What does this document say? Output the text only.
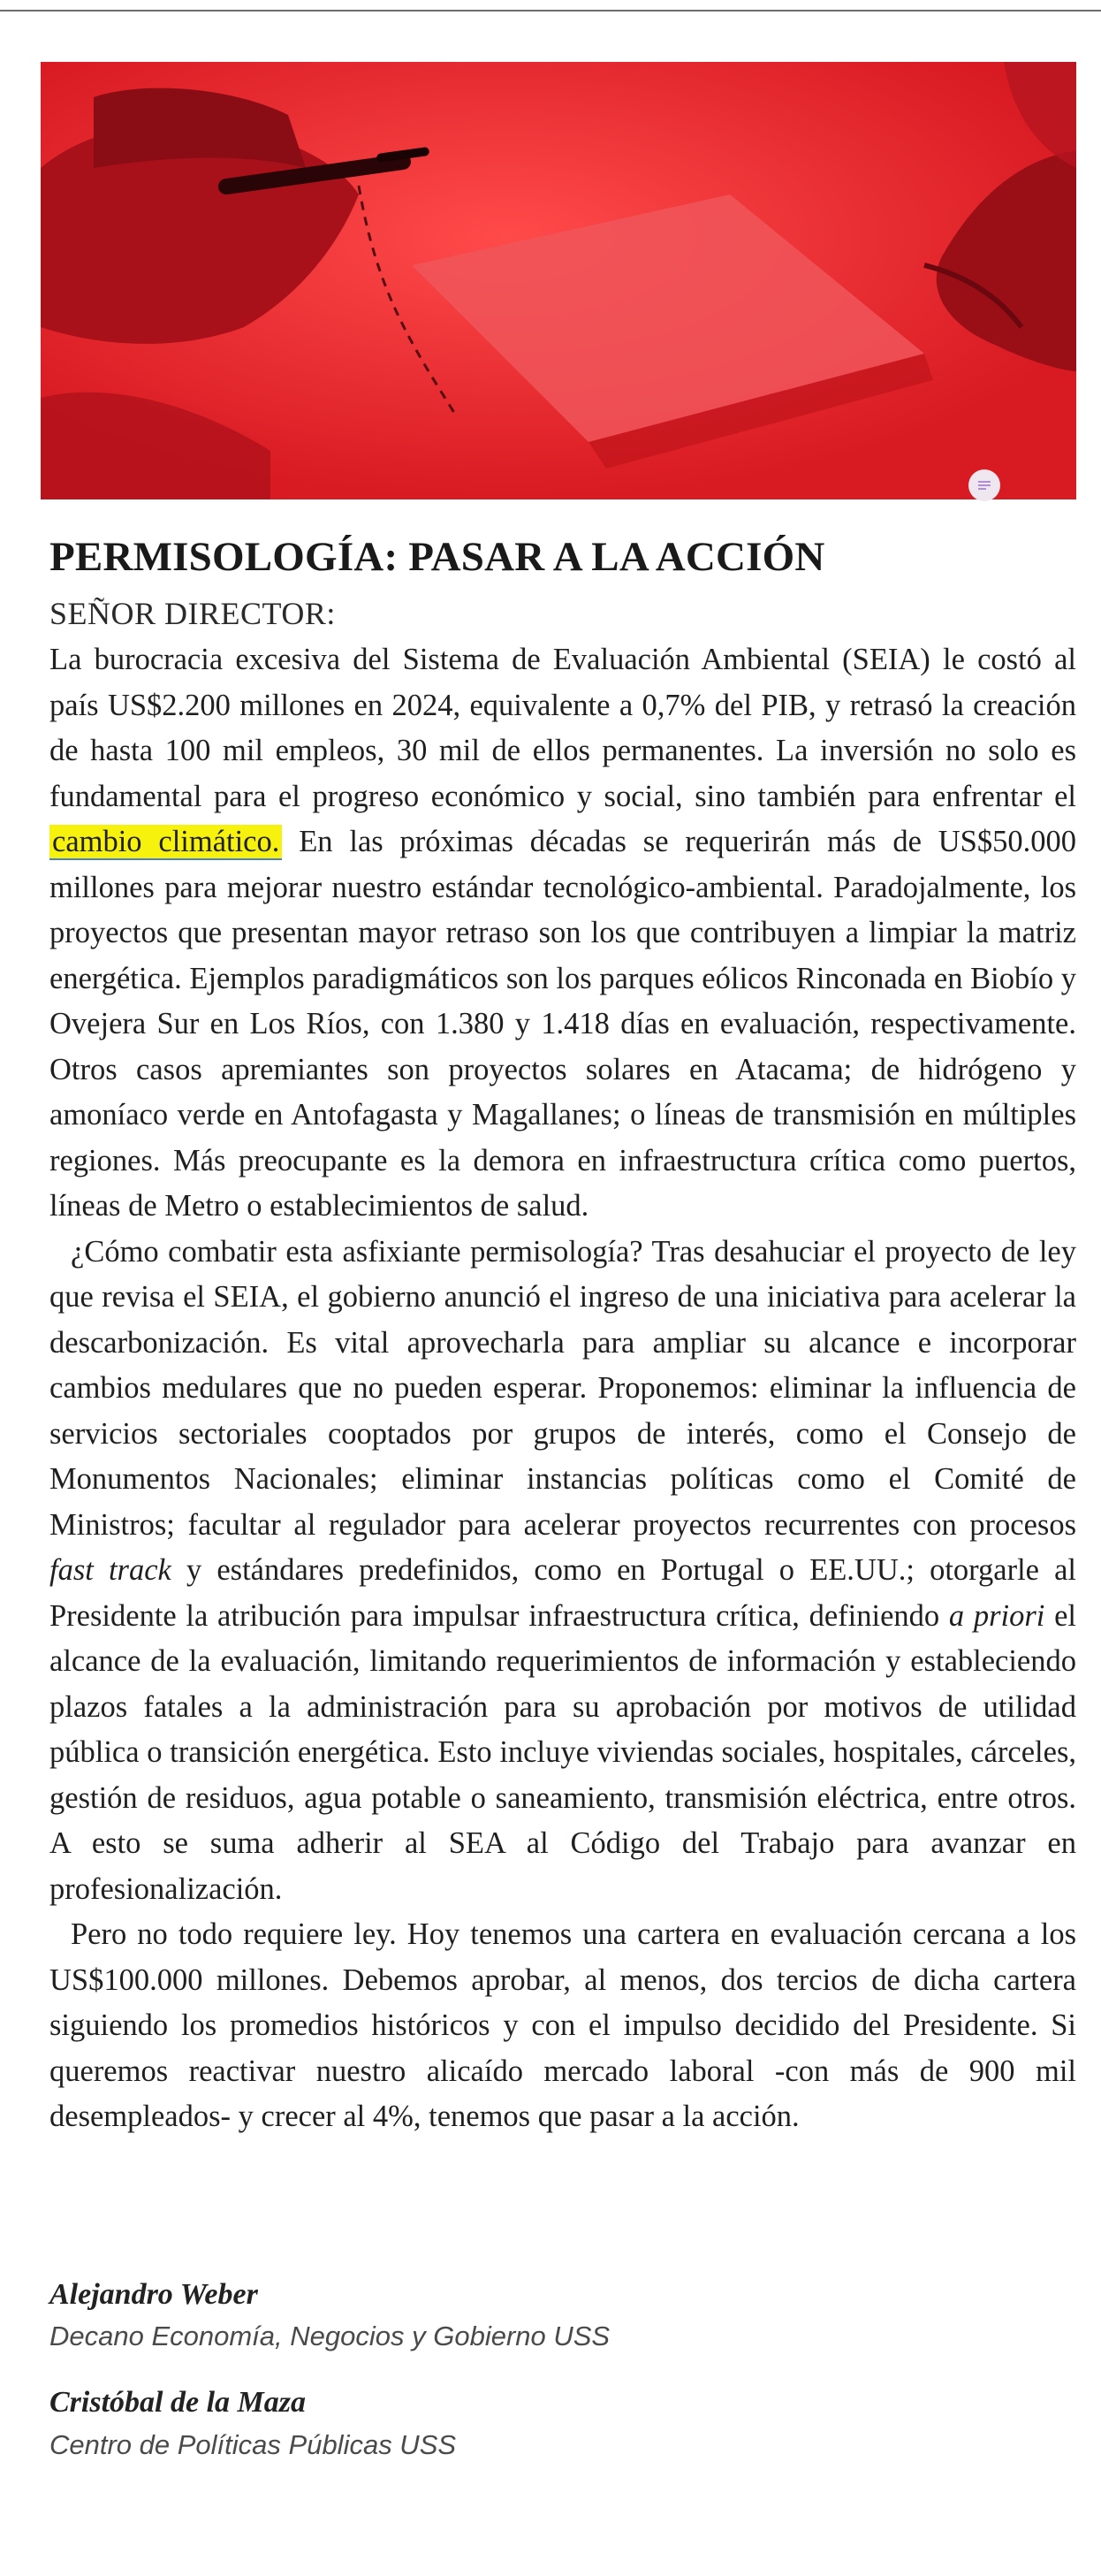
PERMISOLOGÍA: PASAR A LA ACCIÓN

SEÑOR DIRECTOR:

La burocracia excesiva del Sistema de Evaluación Ambiental (SEIA) le costó al país US$2.200 millones en 2024, equivalente a 0,7% del PIB, y retrasó la creación de hasta 100 mil empleos, 30 mil de ellos permanentes. La inversión no solo es fundamental para el progreso económico y social, sino también para enfrentar el cambio climático. En las próximas décadas se requerirán más de US$50.000 millones para mejorar nuestro estándar tecnológico-ambiental. Paradojalmente, los proyectos que presentan mayor retraso son los que contribuyen a limpiar la matriz energética. Ejemplos paradigmáticos son los parques eólicos Rinconada en Biobío y Ovejera Sur en Los Ríos, con 1.380 y 1.418 días en evaluación, respectivamente. Otros casos apremiantes son proyectos solares en Atacama; de hidrógeno y amoníaco verde en Antofagasta y Magallanes; o líneas de transmisión en múltiples regiones. Más preocupante es la demora en infraestructura crítica como puertos, líneas de Metro o establecimientos de salud.

¿Cómo combatir esta asfixiante permisología? Tras desahuciar el proyecto de ley que revisa el SEIA, el gobierno anunció el ingreso de una iniciativa para acelerar la descarbonización. Es vital aprovecharla para ampliar su alcance e incorporar cambios medulares que no pueden esperar. Proponemos: eliminar la influencia de servicios sectoriales cooptados por grupos de interés, como el Consejo de Monumentos Nacionales; eliminar instancias políticas como el Comité de Ministros; facultar al regulador para acelerar proyectos recurrentes con procesos fast track y estándares predefinidos, como en Portugal o EE.UU.; otorgarle al Presidente la atribución para impulsar infraestructura crítica, definiendo a priori el alcance de la evaluación, limitando requerimientos de información y estableciendo plazos fatales a la administración para su aprobación por motivos de utilidad pública o transición energética. Esto incluye viviendas sociales, hospitales, cárceles, gestión de residuos, agua potable o saneamiento, transmisión eléctrica, entre otros. A esto se suma adherir al SEA al Código del Trabajo para avanzar en profesionalización.

Pero no todo requiere ley. Hoy tenemos una cartera en evaluación cercana a los US$100.000 millones. Debemos aprobar, al menos, dos tercios de dicha cartera siguiendo los promedios históricos y con el impulso decidido del Presidente. Si queremos reactivar nuestro alicaído mercado laboral -con más de 900 mil desempleados- y crecer al 4%, tenemos que pasar a la acción.

Alejandro Weber

Decano Economía, Negocios y Gobierno USS

Cristóbal de la Maza

Centro de Políticas Públicas USS
